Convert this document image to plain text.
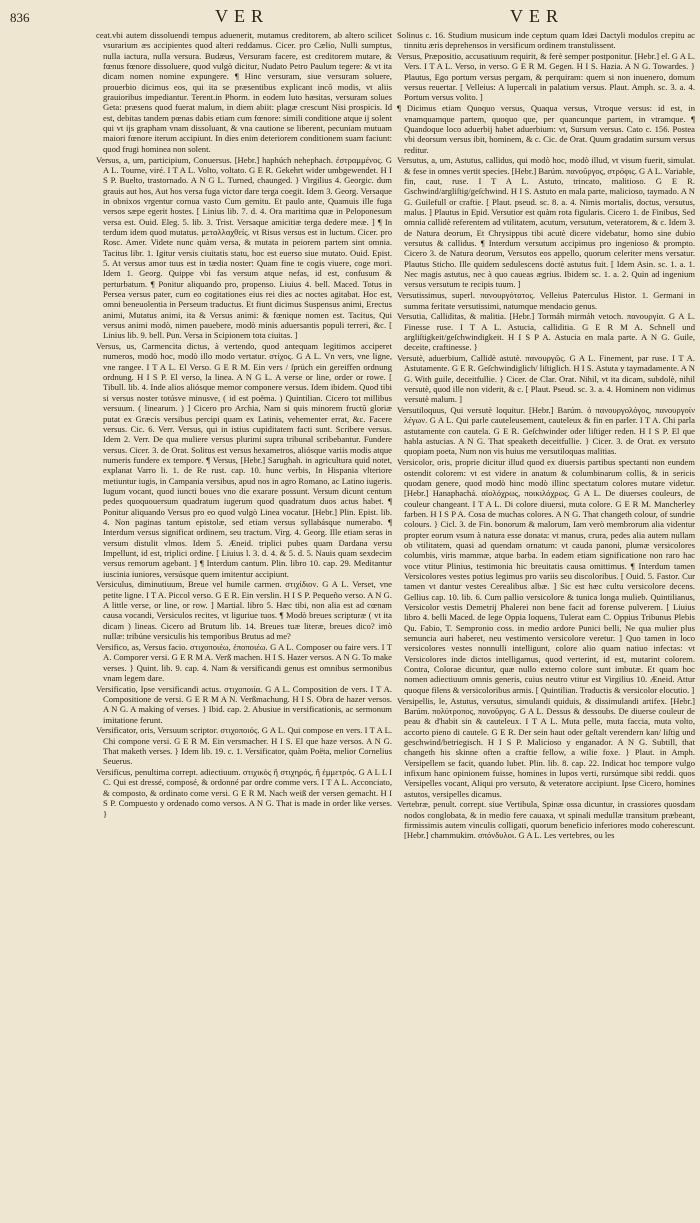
836	VER	VER

ceat.vbi autem dissoluendi tempus aduenerit, mutamus creditorem, ab altero scilicet vsurarium æs accipientes quod alteri reddamus. Cicer. pro Cælio, Nulli sumptus, nulla iactura, nulla versura. Budæus, Versuram facere, est creditorem mutare, & fœnus fœnore dissoluere, quod vulgò dicitur, Nudato Petro Paulum tegere: & vt ita dicam nomen nomine expungere. ¶ Hinc versuram, siue versuram soluere, prouerbio dicimus eos, qui ita se præsentibus explicant incō modis, vt aliis grauioribus impediantur. Terent.in Phorm. in eodem luto hæsitas, versuram solues Geta: præsens quod fuerat malum, in diem abiit: plagæ crescunt Nisi prospicis. Id est, debitas tandem pœnas dabis etiam cum fœnore: simili conditione atque ij solent qui vt ijs grapham vnam dissoluant, & vna cautione se liberent, pecuniam mutuam maiori fœnore iterum accipiunt. In dies enim deteriorem conditionem suam faciunt: quod frugi hominea non solent.

Versus, a, um, participium, Conuersus. [Hebr.] haphúch nehephach. ἐστραμμένος. G A L. Tourne, viré. I T A L. Volto, voltato. G E R. Gekehrt wider umbgewendet. H I S P. Buelto, trastornado. A N G L. Turned, chaunged. } Virgilius 4. Georgic. dum grauis aut hos, Aut hos versa fuga victor dare terga coegit. Idem 3. Georg. Versaque in obnixos vrgentur cornua vasto Cum gemitu. Et paulo ante, Quamuis ille fuga versos sæpe egerit hostes. [ Linius lib. 7. d. 4. Ora maritima quæ in Peloponesum versa est. Ouid. Eleg. 5. lib. 3. Trist. Versaque amicitiæ terga dedere meæ. ] ¶ In terdum idem quod mutatus. μεταλλαχθείς. vt Risus versus est in luctum. Cicer. pro Rosc. Amer. Videte nunc quàm versa, & mutata in peiorem partem sint omnia. Tacitus libr. 1. Igitur versis ciuitatis statu, hoc est euerso siue mutato. Ouid. Epist. 5. At versus amor tuus est in tædia noster: Quam fine te cogis viuere, coge mori. Idem 1. Georg. Quippe vbi fas versum atque nefas, id est, confusum & perturbatum. ¶ Ponitur aliquando pro, propenso. Liuius 4. bell. Maced. Totus in Persea versus pater, cum eo cogitationes eius rei dies ac noctes agitabat. Hoc est, omni beneuolentia in Perseum traductus. Et fiunt dicimus Suspensus animi, Erectus animi, Mutatus animi, ita & Versus animi: & fœnique nomen est. Tacitus, Qui versus animi modò, nimen pauebere, modò minis aduersantis populi terreri, &c. [ Linius lib. 9. bell. Pun. Versa in Scipionem tota ciuitas. ]

Versus, us, Carmencita dictus, à vertendo, quod antequam legitimos acciperet numeros, modò hoc, modò illo modo vertatur. στίχος. G A L. Vn vers, vne ligne, vne rangee. I T A L. El Verso. G E R M. Ein vers / ſprüch ein gereiffen ordnung ordnung. H I S P. El verso, la linea. A N G L. A verse or line, order or rowe. [ Tibull. lib. 4. Inde alios aliósque memor componere versus. Idem ibidem. Quod tibi si versus noster totúsve minusve, ( id est poëma. ) Quintilian. Cicero tot millibus versuum. ( linearum. ) ] Cicero pro Archia, Nam si quis minorem fructū gloriæ putat ex Græcis versibus percipi quam ex Latinis, vehementer errat, &c. Facere versus. Cic. 6. Verr. Versus, qui in istius cupiditatem facti sunt. Scribere versus. Idem 2. Verr. De qua muliere versus plurimi supra tribunal scribebantur. Fundere versus. Cicer. 3. de Orat. Solitus est versus hexametros, aliósque variis modis atque numeris fundere ex tempore. ¶ Versus, [Hebr.] Sarughah. in agricultura quid notet, explanat Varro li. 1. de Re rust. cap. 10. hunc verbis, In Hispania vlteriore metiuntur iugis, in Campania versibus, apud nos in agro Romano, ac Latino iugeris. Iugum vocant, quod iuncti boues vno die exarare possunt. Versum dicunt centum pedes quoquouersum quadratum iugerum quod quadratum duos actus habet. ¶ Ponitur aliquando Versus pro eo quod vulgò Linea vocatur. [Hebr.] Plin. Epist. lib. 4. Non paginas tantum epistolæ, sed etiam versus syllabásque numerabo. ¶ Interdum versus significat ordinem, seu tractum. Virg. 4. Georg. Ille etiam seras in versum distulit vlmos. Idem 5. Æneid. triplici pubes quam Dardana versu Impellunt, id est, triplici ordine. [ Liuius l. 3. d. 4. & 5. d. 5. Nauis quam sexdecim versus remorum agebant. ] ¶ Interdum cantum. Plin. libro 10. cap. 29. Meditantur iuscinia iuniores, versúsque quem imitentur accipiunt.

Versiculus, diminutiuum, Breue vel humile carmen. στιχίδιον. G A L. Verset, vne petite ligne. I T A. Piccol verso. G E R. Ein verslin. H I S P. Pequeño verso. A N G. A little verse, or line, or row. ] Martial. libro 5. Hæc tibi, non alia est ad cœnam causa vocandi, Versiculos recites, vt liguriue tuos. ¶ Modò breues scripturæ ( vt ita dicam ) lineas. Cicero ad Brutum lib. 14. Breues tuæ literæ, breues dico? imò nullæ: tribúne versiculis his temporibus Brutus ad me?

Versifico, as, Versus facio. στιχοποιέω, ἐποποιέω. G A L. Composer ou faire vers. I T A. Comporer versi. G E R M A. Verß machen. H I S. Hazer versos. A N G. To make verses. } Quint. lib. 9. cap. 4. Nam & versificandi genus est omnibus sermonibus vnam legem dare.

Versificatio, Ipse versificandi actus. στιχοποιία. G A L. Composition de vers. I T A. Compositione de versi. G E R M A N. Verßmachung. H I S. Obra de hazer versos. A N G. A making of verses. } Ibid. cap. 2. Abusiue in versificationis, ac sermonum imitatione ferunt.

Versificator, oris, Versuum scriptor. στιχοποιός. G A L. Qui compose en vers. I T A L. Chi compone versi. G E R M. Ein versmacher. H I S. El que haze versos. A N G. That maketh verses. } Idem lib. 19. c. 1. Versificator, quàm Poëta, melior Cornelius Seuerus.

Versificus, penultima corrept. adiectiuum. στιχικός ἢ στιχηρός, ἢ ἐμμετρός. G A L L I C. Qui est dressé, composé, & ordonné par ordre comme vers. I T A L. Acconciato, & composto, & ordinato come versi. G E R M. Nach weiß der versen gemacht. H I S P. Compuesto y ordenado como versos. A N G. That is made in order like verses. }

Solinus c. 16. Studium musicum inde ceptum quam Idæi Dactyli modulos crepitu ac tinnitu æris deprehensos in versificum ordinem transtulissent.

Versus, Præpositio, accusatiuum requirit, & ferè semper postponitur. [Hebr.] el. G A L. Vers. I T A L. Verso, in verso. G E R M. Gegen. H I S. Hazia. A N G. Towardes. } Plautus, Ego portum versus pergam, & perquiram: quem si non inuenero, domum versus reuertar. [ Velleius: A lupercali in palatium versus. Plaut. Amph. sc. 3. a. 4. Portum versus volito. ]

¶ Dicimus etiam Quoquo versus, Quaqua versus, Vtroque versus: id est, in vnamquamque partem, quoquo que, per quancunque partem, in vtramque. ¶ Quandoque loco aduerbij habet aduerbium: vt, Sursum versus. Cato c. 156. Postea vbi deorsum versus ibit, hominem, & c. Cic. de Orat. Quum gradatim sursum versus reditur.

Versutus, a, um, Astutus, callidus, qui modò hoc, modò illud, vt visum fuerit, simulat. & fese in omnes vertit species. [Hebr.] Barúm. πανοῦργος, στρόφις. G A L. Variable, fin, caut, ruse. I T A L. Astuto, trincato, malitioso. G E R. Gschwind/argliſtig/geſchwind. H I S. Astuto en mala parte, malicioso, taymado. A N G. Guilefull or craftie. [ Plaut. pseud. sc. 8. a. 4. Nimis mortalis, doctus, versutus, malus. ] Plautus in Epid. Versutior est quàm rota figularis. Cicero 1. de Finibus, Sed omnia callidè referentem ad vtilitatem, acutum, versutum, veteratorem, & c. Idem 3. de Natura deorum, Et Chrysippus tibi acutè dicere videbatur, homo sine dubio versutus & callidus. ¶ Interdum versutum accipimus pro ingenioso & prompto. Cicero 3. de Natura deorum, Versutos eos appello, quorum celeriter mens versatur. Plautus Sticho. Ille quidem sedulescens doctè astutus fuit. [ Idem Asin. sc. 1. a. 1. Nec magis astutus, nec à quo caueas ægrius. Ibidem sc. 1. a. 2. Quin ad ingenium versus versutum te recipis tuum. ]

Versutissimus, superl. πανουργότατος. Velleius Paterculus Histor. 1. Germani in summa feritate versutissimi, natumque mendacio genus.

Versutia, Calliditas, & malitia. [Hebr.] Tormáh mirmáh vetoch. πανουργία. G A L. Finesse ruse. I T A L. Astucia, calliditia. G E R M A. Schnell und argliſtigkeit/geſchwindigkeit. H I S P A. Astucia en mala parte. A N G. Guile, deceite, craftinesse. }

Versutè, aduerbium, Callidè astutè. πανουργῶς. G A L. Finement, par ruse. I T A. Astutamente. G E R. Geſchwindiglich/ liſtiglich. H I S. Astuta y taymadamente. A N G. With guile, deceitfullie. } Cicer. de Clar. Orat. Nihil, vt ita dicam, subdolè, nihil versutè, quod ille non viderit, & c. [ Plaut. Pseud. sc. 3. a. 4. Hominem non vidimus versutè malum. ]

Versutiloquus, Qui versutè loquitur. [Hebr.] Barúm. ὁ πανουργολόγος, πανουργοίν λέγων. G A L. Qui parle cauteleusement, cauteleux & fin en parler. I T A. Chi parla astutamente con cautela. G E R. Geſchwinder oder liſtiger reden. H I S P. El que habla astucias. A N G. That speaketh deceitfullie. } Cicer. 3. de Orat. ex versuto quopiam poeta, Num non vis huius me versutiloquas malitias.

Versicolor, oris, proprie dicitur illud quod ex diuersis partibus spectanti non eundem ostendit colorem: vt est videre in anatum & columbinarum collis, & in sericis quodam genere, quod modò hinc modò illinc spectatum colores mutare videtur. [Hebr.] Hanaphachá. αἰολόχρως, ποικιλόχρως. G A L. De diuerses couleurs, de couleur changeant. I T A L. Di colore diuersi, muta colore. G E R M. Mancherley farben. H I S P A. Cosa de muchas colores. A N G. That changeth colour, of sundrie colours. } Cicl. 3. de Fin. bonorum & malorum, Iam verò membrorum alia videntur propter eorum vsum à natura esse donata: vt manus, crura, pedes alia autem nullam ob vtilitatem, quasi ad quendam ornatum: vt cauda panoni, plumæ versicolores columbis, viris mammæ, atque barba. In eadem etiam significatione non raro hac voce vtitur Plinius, testimonia hic breuitatis causa omittimus. ¶ Interdum tamen Versicolores vestes potius legimus pro variis seu discoloribus. [ Ouid. 5. Fastor. Cur tamen vt dantur vestes Cerealibus albæ. ] Sic est hæc cultu versicolore decens. Gellius cap. 10. lib. 6. Cum pallio versicolore & tunica longa mulieb. Quintilianus, Versicolor vestis Demetrij Phalerei non bene facit ad forense pulverem. [ Liuius libro 4. belli Maced. de lege Oppia loquens, Tulerat eam C. Oppius Tribunus Plebis Qu. Fabio, T. Sempronio coss. in medio ardore Punici belli, Ne qua mulier plus semuncia auri haberet, neu vestimento versicolore veretur. ] Quo tamen in loco versicolores vestes nonnulli intelligunt, colore alio quam natiuo infectas: vt Versicolores inde dictos intelligamus, quod verterint, id est, mutarint colorem. Contra, Colorae dicuntur, quæ nullo externo colore sunt imbutæ. Et quam hoc nomen adiectiuum omnis generis, cuius neutro vtitur est Virgilius 10. Æneid. Attur quoque filens & versicoloribus armis. [ Quintilian. Traductis & versicolor elocutio. ]

Versipellis, le, Astutus, versutus, simulandi quiduis, & dissimulandi artifex. [Hebr.] Barúm. πολύτροπος, πανοῦργος. G A L. Dessus & dessoubs. De diuerse couleur de peau & d'habit sin & cauteleux. I T A L. Muta pelle, muta faccia, muta volto, accorto pieno di cautele. G E R. Der sein haut oder geſtalt verendern kan/ liſtig und geschwind/betriegisch. H I S P. Malicioso y enganador. A N G. Subtill, that changeth his skinne often a craftie fellow, a wilie foxe. } Plaut. in Amph. Versipellem se facit, quando lubet. Plin. lib. 8. cap. 22. Indicat hoc tempore vulgo infixum hanc opinionem fuisse, homines in lupos verti, rursúmque sibi reddi. quos Versipelles vocant, Aliqui pro versuto, & veteratore accipiunt. Ipse Cicero, homines astutos, versipelles dicamus.

Vertebræ, penult. corrept. siue Vertibula, Spinæ ossa dicuntur, in crassiores quosdam nodos conglobata, & in medio fere cauaxa, vt spinali medullæ transitum præbeant, firmissimis autem vinculis colligati, quorum beneficio inferiores modo coherescunt. [Hebr.] chammukim. σπόνδυλοι. G A L. Les vertebres, ou les
